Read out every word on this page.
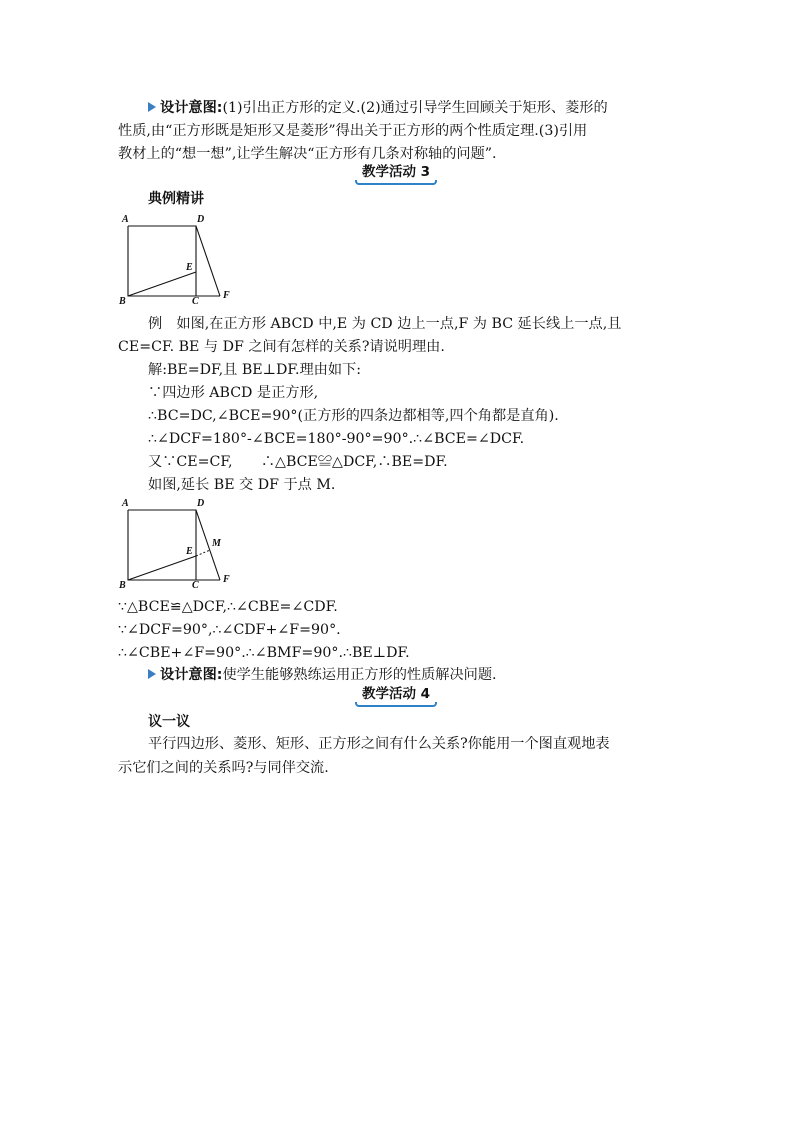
设计意图:(1)引出正方形的定义.(2)通过引导学生回顾关于矩形、菱形的
性质,由“正方形既是矩形又是菱形”得出关于正方形的两个性质定理.(3)引用
教材上的“想一想”,让学生解决“正方形有几条对称轴的问题”.
教学活动 3
典例精讲
A	D
E
B	C
F
例　如图,在正方形 ABCD 中,E 为 CD 边上一点,F 为 BC 延长线上一点,且
CE=CF. BE 与 DF 之间有怎样的关系?请说明理由.
解:BE=DF,且 BE⊥DF.理由如下:
∵四边形 ABCD 是正方形,
∴BC=DC,∠BCE=90°(正方形的四条边都相等,四个角都是直角).
∴∠DCF=180°-∠BCE=180°-90°=90°.∴∠BCE=∠DCF.
又∵CE=CF,　　∴△BCE≌△DCF,∴BE=DF.
如图,延长 BE 交 DF 于点 M.
A	D
E
M
B	C
F
∵△BCE≌△DCF,∴∠CBE=∠CDF.
∵∠DCF=90°,∴∠CDF+∠F=90°.
∴∠CBE+∠F=90°.∴∠BMF=90°.∴BE⊥DF.
设计意图:使学生能够熟练运用正方形的性质解决问题.
教学活动 4
议一议
平行四边形、菱形、矩形、正方形之间有什么关系?你能用一个图直观地表
示它们之间的关系吗?与同伴交流.
